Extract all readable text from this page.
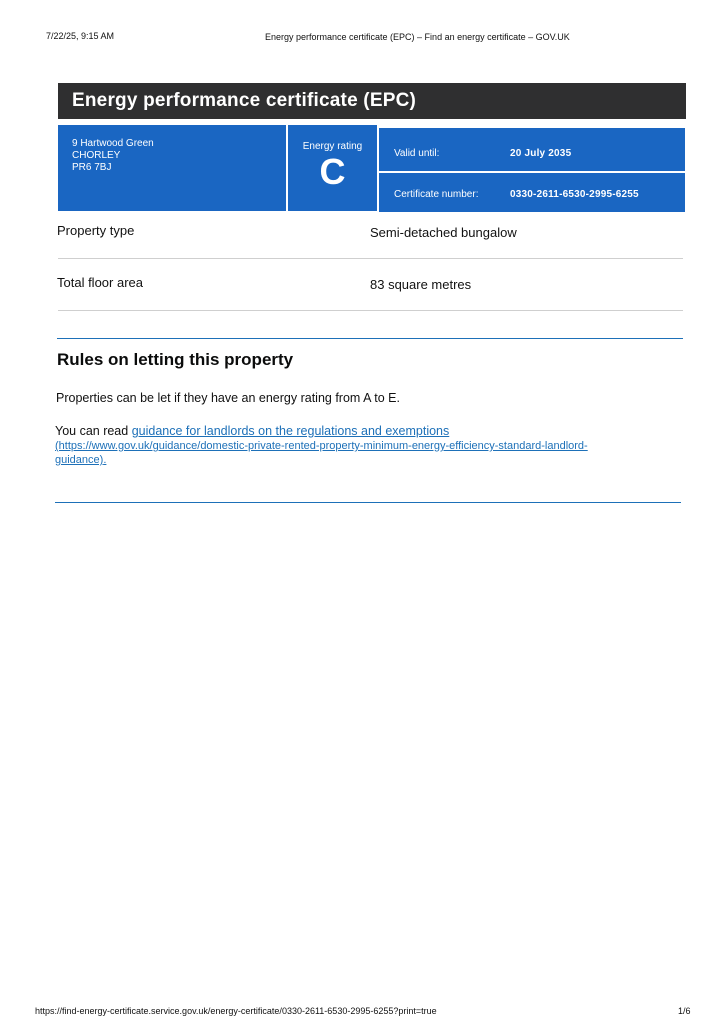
7/22/25, 9:15 AM	Energy performance certificate (EPC) – Find an energy certificate – GOV.UK
Energy performance certificate (EPC)
9 Hartwood Green
CHORLEY
PR6 7BJ
Energy rating
C	Valid until:	20 July 2035
Certificate number:	0330-2611-6530-2995-6255
Property type	Semi-detached bungalow
Total floor area	83 square metres
Rules on letting this property
Properties can be let if they have an energy rating from A to E.
You can read guidance for landlords on the regulations and exemptions
(https://www.gov.uk/guidance/domestic-private-rented-property-minimum-energy-efficiency-standard-landlord-
guidance).
https://find-energy-certificate.service.gov.uk/energy-certificate/0330-2611-6530-2995-6255?print=true	1/6
